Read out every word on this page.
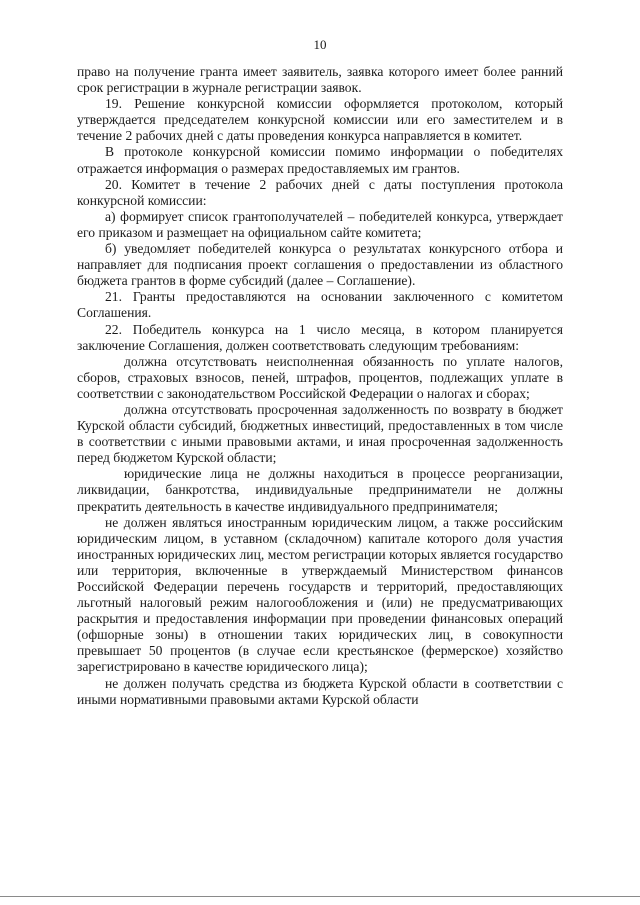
10

право на получение гранта имеет заявитель, заявка которого имеет более ранний срок регистрации в журнале регистрации заявок.

19. Решение конкурсной комиссии оформляется протоколом, который утверждается председателем конкурсной комиссии или его заместителем и в течение 2 рабочих дней с даты проведения конкурса направляется в комитет.

В протоколе конкурсной комиссии помимо информации о победителях отражается информация о размерах предоставляемых им грантов.

20. Комитет в течение 2 рабочих дней с даты поступления протокола конкурсной комиссии:

а) формирует список грантополучателей – победителей конкурса, утверждает его приказом и размещает на официальном сайте комитета;

б) уведомляет победителей конкурса о результатах конкурсного отбора и направляет для подписания проект соглашения о предоставлении из областного бюджета грантов в форме субсидий (далее – Соглашение).

21. Гранты предоставляются на основании заключенного с комитетом Соглашения.

22. Победитель конкурса на 1 число месяца, в котором планируется заключение Соглашения, должен соответствовать следующим требованиям:

должна отсутствовать неисполненная обязанность по уплате налогов, сборов, страховых взносов, пеней, штрафов, процентов, подлежащих уплате в соответствии с законодательством Российской Федерации о налогах и сборах;

должна отсутствовать просроченная задолженность по возврату в бюджет Курской области субсидий, бюджетных инвестиций, предоставленных в том числе в соответствии с иными правовыми актами, и иная просроченная задолженность перед бюджетом Курской области;

юридические лица не должны находиться в процессе реорганизации, ликвидации, банкротства, индивидуальные предприниматели не должны прекратить деятельность в качестве индивидуального предпринимателя;

не должен являться иностранным юридическим лицом, а также российским юридическим лицом, в уставном (складочном) капитале которого доля участия иностранных юридических лиц, местом регистрации которых является государство или территория, включенные в утверждаемый Министерством финансов Российской Федерации перечень государств и территорий, предоставляющих льготный налоговый режим налогообложения и (или) не предусматривающих раскрытия и предоставления информации при проведении финансовых операций (офшорные зоны) в отношении таких юридических лиц, в совокупности превышает 50 процентов (в случае если крестьянское (фермерское) хозяйство зарегистрировано в качестве юридического лица);

не должен получать средства из бюджета Курской области в соответствии с иными нормативными правовыми актами Курской области
